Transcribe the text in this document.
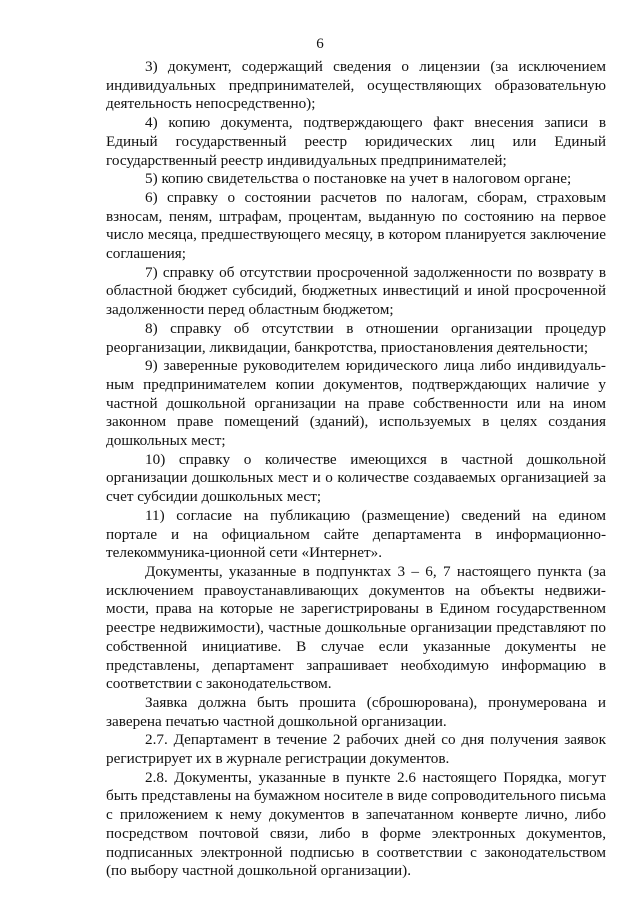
6

3) документ, содержащий сведения о лицензии (за исключением индивидуальных предпринимателей, осуществляющих образовательную деятельность непосредственно);

4) копию документа, подтверждающего факт внесения записи в Единый государственный реестр юридических лиц или Единый государственный реестр индивидуальных предпринимателей;

5) копию свидетельства о постановке на учет в налоговом органе;

6) справку о состоянии расчетов по налогам, сборам, страховым взносам, пеням, штрафам, процентам, выданную по состоянию на первое число месяца, предшествующего месяцу, в котором планируется заключение соглашения;

7) справку об отсутствии просроченной задолженности по возврату в областной бюджет субсидий, бюджетных инвестиций и иной просроченной задолженности перед областным бюджетом;

8) справку об отсутствии в отношении организации процедур реорганизации, ликвидации, банкротства, приостановления деятельности;

9) заверенные руководителем юридического лица либо индивидуаль-ным предпринимателем копии документов, подтверждающих наличие у частной дошкольной организации на праве собственности или на ином законном праве помещений (зданий), используемых в целях создания дошкольных мест;

10) справку о количестве имеющихся в частной дошкольной организации дошкольных мест и о количестве создаваемых организацией за счет субсидии дошкольных мест;

11) согласие на публикацию (размещение) сведений на едином портале и на официальном сайте департамента в информационно-телекоммуника-ционной сети «Интернет».

Документы, указанные в подпунктах 3 – 6, 7 настоящего пункта (за исключением правоустанавливающих документов на объекты недвижи-мости, права на которые не зарегистрированы в Едином государственном реестре недвижимости), частные дошкольные организации представляют по собственной инициативе. В случае если указанные документы не представлены, департамент запрашивает необходимую информацию в соответствии с законодательством.

Заявка должна быть прошита (сброшюрована), пронумерована и заверена печатью частной дошкольной организации.

2.7. Департамент в течение 2 рабочих дней со дня получения заявок регистрирует их в журнале регистрации документов.

2.8. Документы, указанные в пункте 2.6 настоящего Порядка, могут быть представлены на бумажном носителе в виде сопроводительного письма с приложением к нему документов в запечатанном конверте лично, либо посредством почтовой связи, либо в форме электронных документов, подписанных электронной подписью в соответствии с законодательством (по выбору частной дошкольной организации).
